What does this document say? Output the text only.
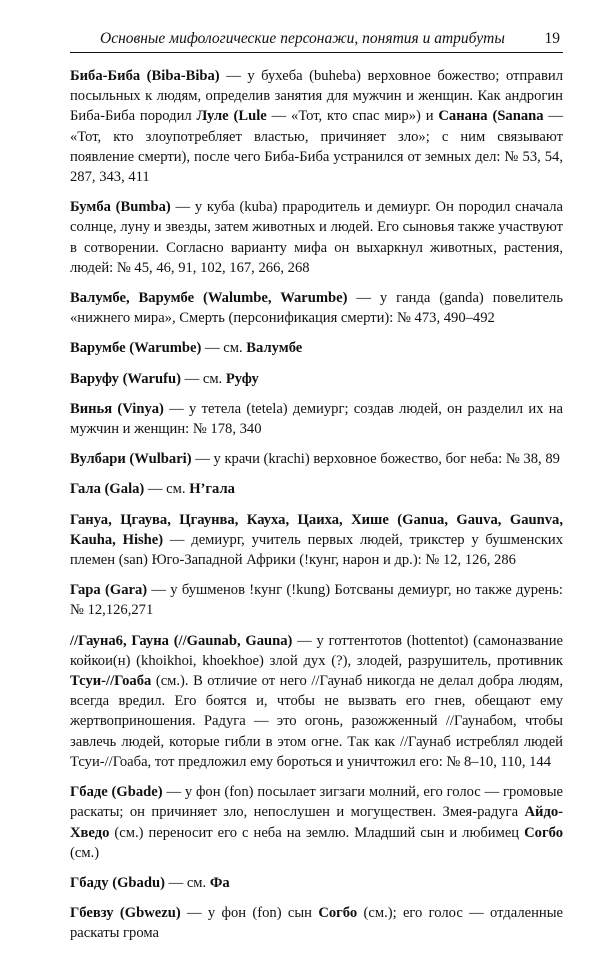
Основные мифологические персонажи, понятия и атрибуты	19

Биба-Биба (Biba-Biba) — у бухеба (buheba) верховное божество; отправил посыльных к людям, определив занятия для мужчин и женщин. Как андрогин Биба-Биба породил Луле (Lule — «Тот, кто спас мир») и Санана (Sanana — «Тот, кто злоупотребляет властью, причиняет зло»; с ним связывают появление смерти), после чего Биба-Биба устранился от земных дел: № 53, 54, 287, 343, 411

Бумба (Bumba) — у куба (kuba) прародитель и демиург. Он породил сначала солнце, луну и звезды, затем животных и людей. Его сыновья также участвуют в сотворении. Согласно варианту мифа он выхаркнул животных, растения, людей: № 45, 46, 91, 102, 167, 266, 268

Валумбе, Варумбе (Walumbe, Warumbe) — у ганда (ganda) повелитель «нижнего мира», Смерть (персонификация смерти): № 473, 490–492

Варумбе (Warumbe) — см. Валумбе

Варуфу (Warufu) — см. Руфу

Винья (Vinya) — у тетела (tetela) демиург; создав людей, он разделил их на мужчин и женщин: № 178, 340

Вулбари (Wulbari) — у крачи (krachi) верховное божество, бог неба: № 38, 89

Гала (Gala) — см. Н’гала

Гануа, Цгаува, Цгаунва, Кауха, Цаиха, Хише (Ganua, Gauva, Gaunva, Kauha, Hishe) — демиург, учитель первых людей, трикстер у бушменских племен (san) Юго-Западной Африки (!кунг, нарон и др.): № 12, 126, 286

Гара (Gara) — у бушменов !кунг (!kung) Ботсваны демиург, но также дурень: № 12,126,271

//Гауна6, Гауна (//Gaunab, Gauna) — у готтентотов (hottentot) (самоназвание койкои(н) (khoikhoi, khoekhoe) злой дух (?), злодей, разрушитель, противник Тсуи-//Гоаба (см.). В отличие от него //Гаунаб никогда не делал добра людям, всегда вредил. Его боятся и, чтобы не вызвать его гнев, обещают ему жертвоприношения. Радуга — это огонь, разожженный //Гаунабом, чтобы завлечь людей, которые гибли в этом огне. Так как //Гаунаб истреблял людей Тсуи-//Гоаба, тот предложил ему бороться и уничтожил его: № 8–10, 110, 144

Гбаде (Gbade) — у фон (fon) посылает зигзаги молний, его голос — громовые раскаты; он причиняет зло, непослушен и могуществен. Змея-радуга Айдо-Хведо (см.) переносит его с неба на землю. Младший сын и любимец Согбо (см.)

Гбаду (Gbadu) — см. Фа

Гбевзу (Gbwezu) — у фон (fon) сын Согбо (см.); его голос — отдаленные раскаты грома
